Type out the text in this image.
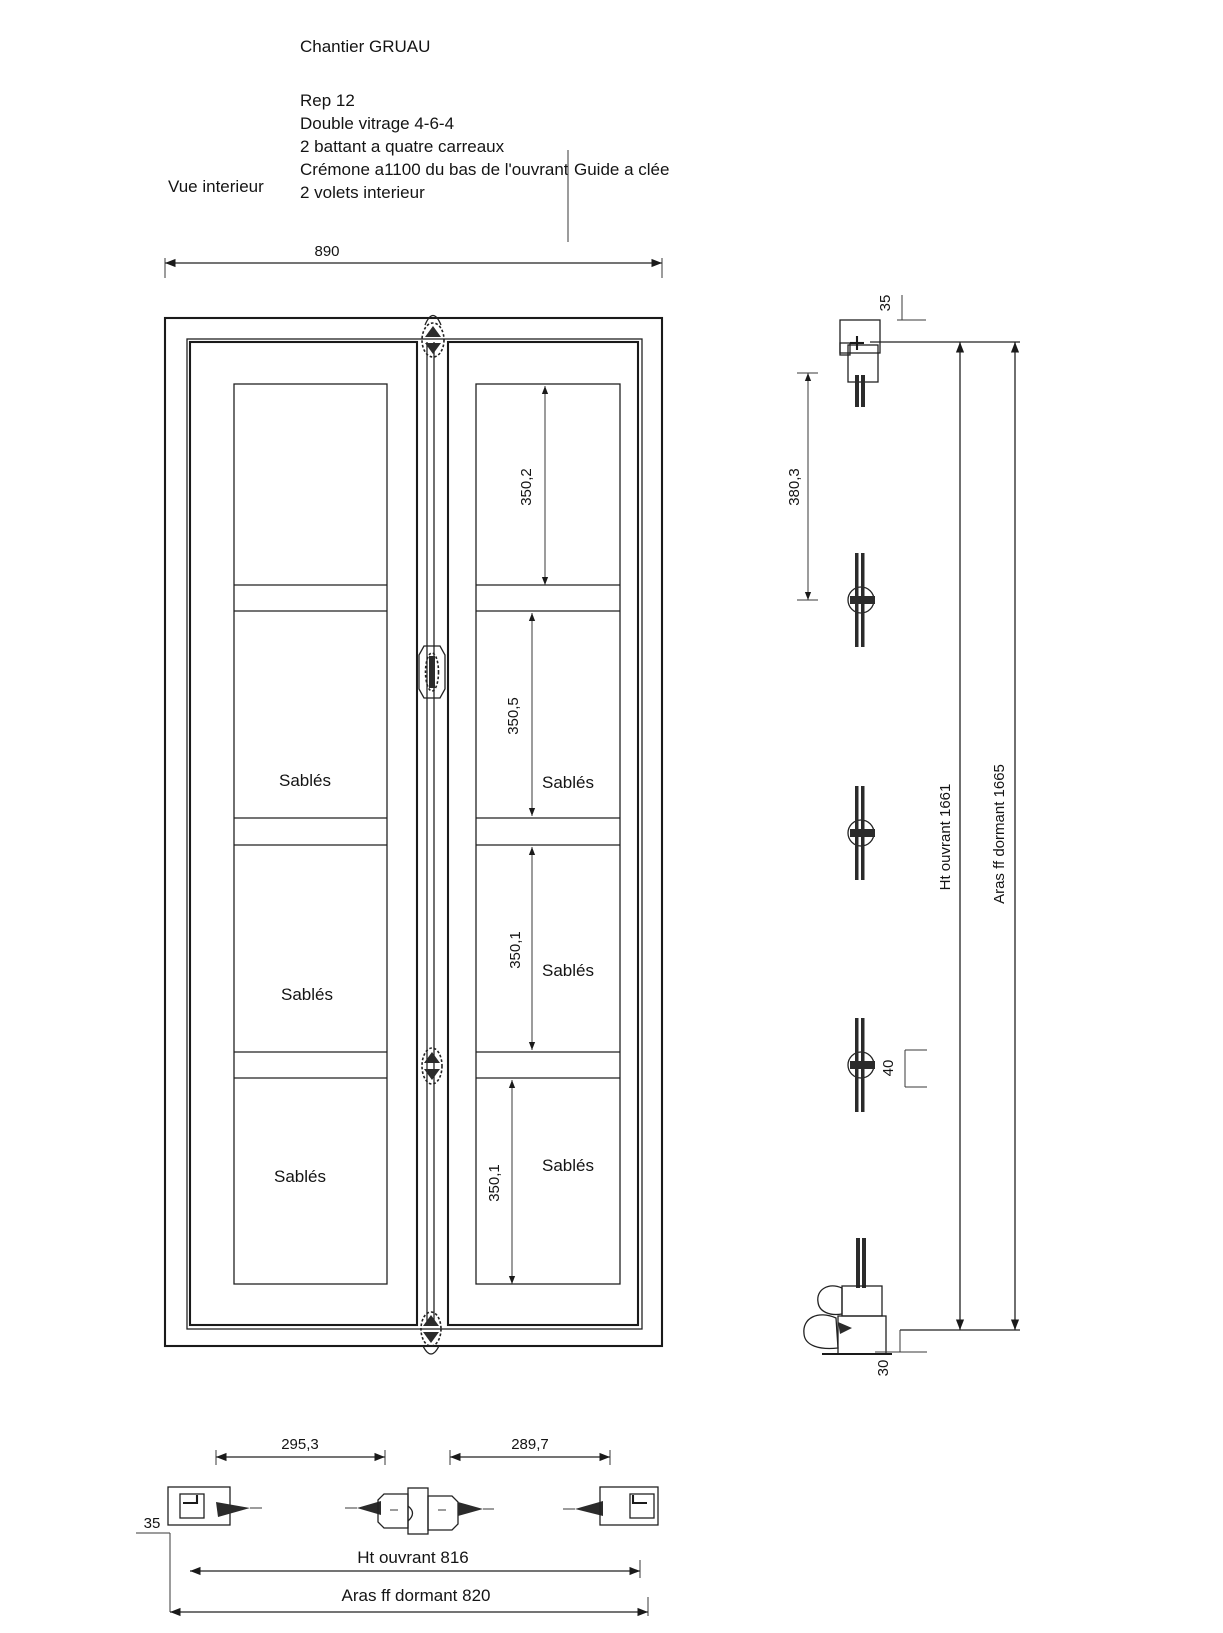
Chantier GRUAU
Rep 12
Double vitrage 4-6-4
2 battant a quatre carreaux
Crémone a1100 du bas de l'ouvrant
2 volets interieur
Guide a clée
Vue interieur
890
Sablés
Sablés
Sablés
Sablés
Sablés
Sablés
350,2
350,5
350,1
350,1
35
380,3
40
Ht ouvrant 1661 Aras ff dormant 1665
30
295,3	289,7
35
Ht ouvrant 816
Aras ff dormant 820
